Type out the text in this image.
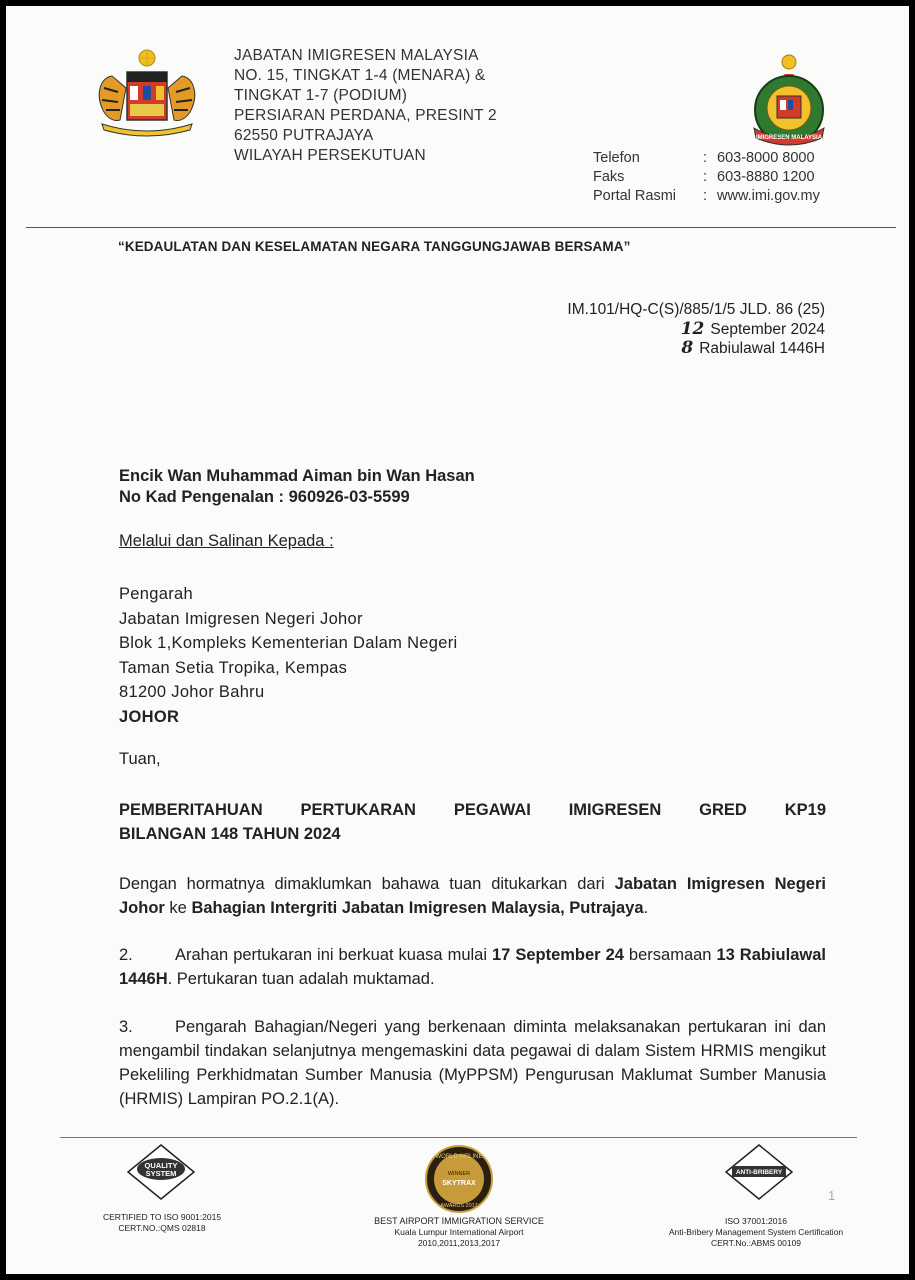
JABATAN IMIGRESEN MALAYSIA
NO. 15, TINGKAT 1-4 (MENARA) &
TINGKAT 1-7 (PODIUM)
PERSIARAN PERDANA, PRESINT 2
62550 PUTRAJAYA
WILAYAH PERSEKUTUAN
IMIGRESEN MALAYSIA
Telefon	: 603-8000 8000
Faks	: 603-8880 1200
Portal Rasmi	: www.imi.gov.my
“KEDAULATAN DAN KESELAMATAN NEGARA TANGGUNGJAWAB BERSAMA”
IM.101/HQ-C(S)/885/1/5 JLD. 86 (25)
12 September 2024
8 Rabiulawal 1446H
Encik Wan Muhammad Aiman bin Wan Hasan
No Kad Pengenalan : 960926-03-5599
Melalui dan Salinan Kepada :
Pengarah
Jabatan Imigresen Negeri Johor
Blok 1,Kompleks Kementerian Dalam Negeri
Taman Setia Tropika, Kempas
81200 Johor Bahru
JOHOR
Tuan,
PEMBERITAHUAN PERTUKARAN PEGAWAI IMIGRESEN GRED KP19
BILANGAN 148 TAHUN 2024
Dengan hormatnya dimaklumkan bahawa tuan ditukarkan dari Jabatan Imigresen Negeri Johor ke Bahagian Intergriti Jabatan Imigresen Malaysia, Putrajaya.
2.	Arahan pertukaran ini berkuat kuasa mulai 17 September 24 bersamaan 13 Rabiulawal 1446H. Pertukaran tuan adalah muktamad.
3.	Pengarah Bahagian/Negeri yang berkenaan diminta melaksanakan pertukaran ini dan mengambil tindakan selanjutnya mengemaskini data pegawai di dalam Sistem HRMIS mengikut Pekeliling Perkhidmatan Sumber Manusia (MyPPSM) Pengurusan Maklumat Sumber Manusia (HRMIS) Lampiran PO.2.1(A).
QUALITY
SYSTEM
CERTIFIED TO ISO 9001:2015
CERT.NO.:QMS 02818
WORLD AIRLINE
WINNER
SKYTRAX
AWARDS 2017
BEST AIRPORT IMMIGRATION SERVICE
Kuala Lumpur International Airport
2010,2011,2013,2017
ANTI-BRIBERY
ISO 37001:2016
Anti-Bribery Management System Certification
CERT.No.:ABMS 00109
1
